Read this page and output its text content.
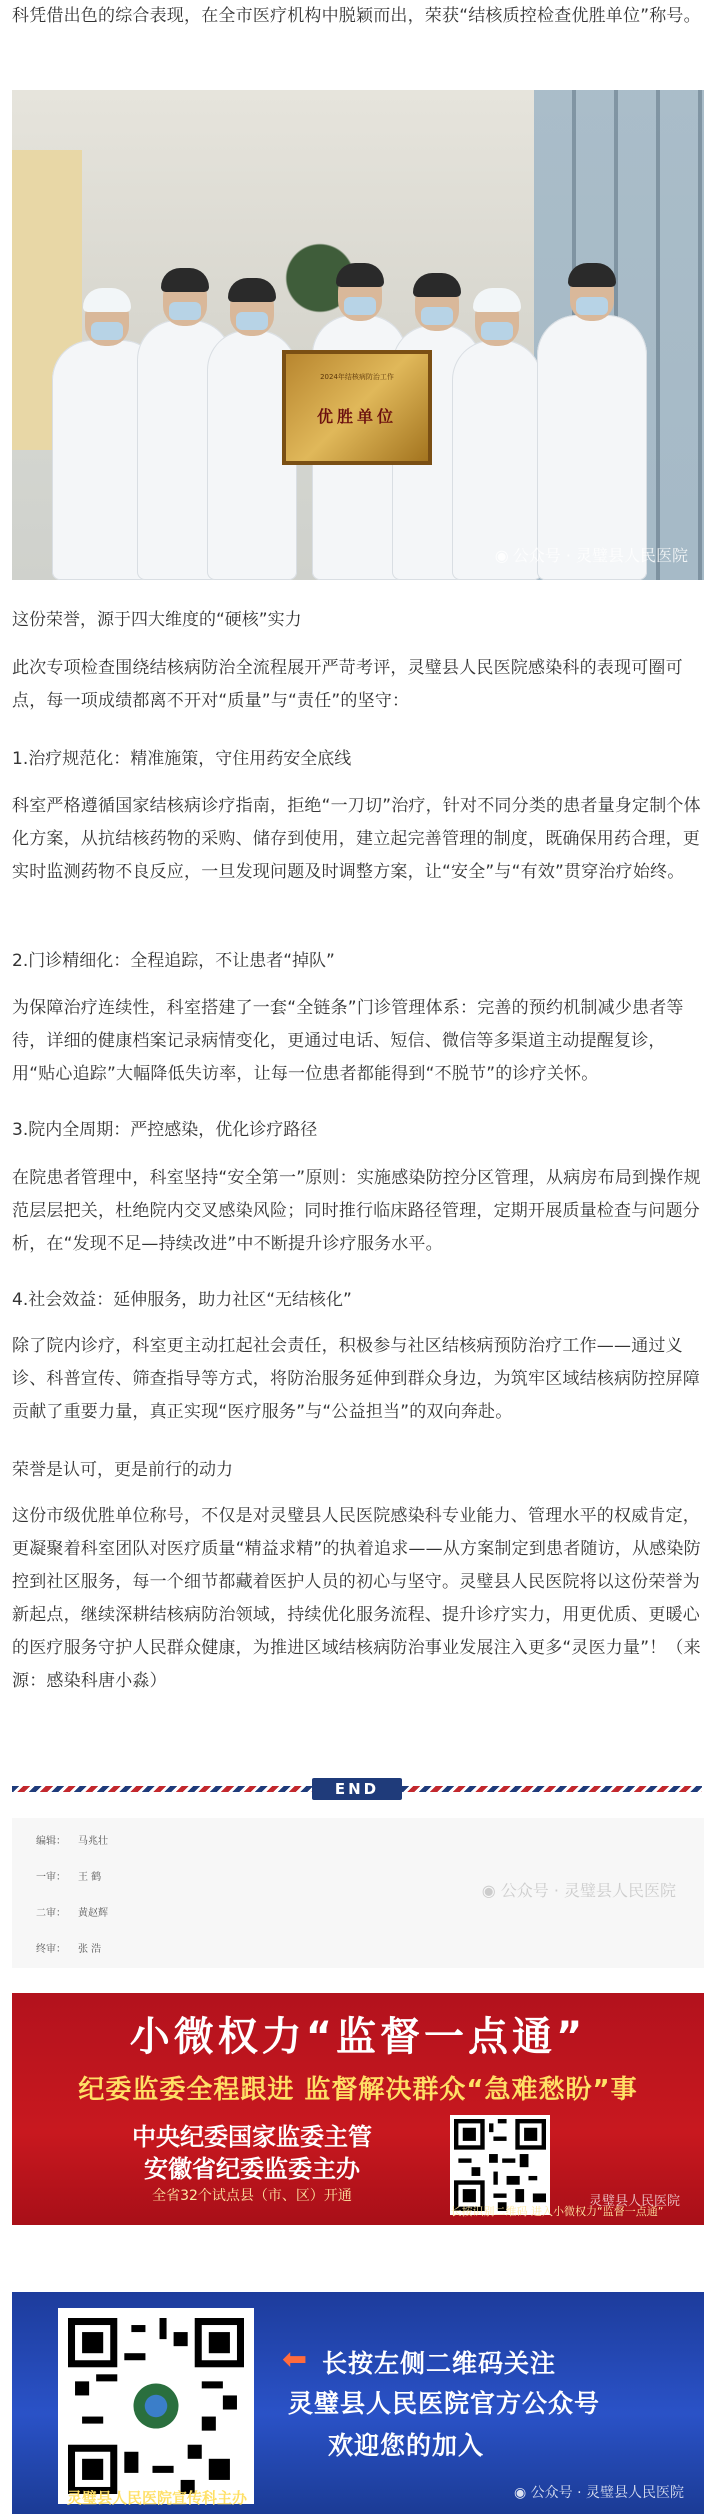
科凭借出色的综合表现，在全市医疗机构中脱颖而出，荣获“结核质控检查优胜单位”称号。

2024年结核病防治工作
优胜单位
◉ 公众号 · 灵璧县人民医院
这份荣誉，源于四大维度的“硬核”实力

此次专项检查围绕结核病防治全流程展开严苛考评，灵璧县人民医院感染科的表现可圈可点，每一项成绩都离不开对“质量”与“责任”的坚守：

1.治疗规范化：精准施策，守住用药安全底线

科室严格遵循国家结核病诊疗指南，拒绝“一刀切”治疗，针对不同分类的患者量身定制个体化方案，从抗结核药物的采购、储存到使用，建立起完善管理的制度，既确保用药合理，更实时监测药物不良反应，一旦发现问题及时调整方案，让“安全”与“有效”贯穿治疗始终。

2.门诊精细化：全程追踪，不让患者“掉队”

为保障治疗连续性，科室搭建了一套“全链条”门诊管理体系：完善的预约机制减少患者等待，详细的健康档案记录病情变化，更通过电话、短信、微信等多渠道主动提醒复诊，用“贴心追踪”大幅降低失访率，让每一位患者都能得到“不脱节”的诊疗关怀。

3.院内全周期：严控感染，优化诊疗路径

在院患者管理中，科室坚持“安全第一”原则：实施感染防控分区管理，从病房布局到操作规范层层把关，杜绝院内交叉感染风险；同时推行临床路径管理，定期开展质量检查与问题分析，在“发现不足—持续改进”中不断提升诊疗服务水平。

4.社会效益：延伸服务，助力社区“无结核化”

除了院内诊疗，科室更主动扛起社会责任，积极参与社区结核病预防治疗工作——通过义诊、科普宣传、筛查指导等方式，将防治服务延伸到群众身边，为筑牢区域结核病防控屏障贡献了重要力量，真正实现“医疗服务”与“公益担当”的双向奔赴。

荣誉是认可，更是前行的动力

这份市级优胜单位称号，不仅是对灵璧县人民医院感染科专业能力、管理水平的权威肯定，更凝聚着科室团队对医疗质量“精益求精”的执着追求——从方案制定到患者随访，从感染防控到社区服务，每一个细节都藏着医护人员的初心与坚守。灵璧县人民医院将以这份荣誉为新起点，继续深耕结核病防治领域，持续优化服务流程、提升诊疗实力，用更优质、更暖心的医疗服务守护人民群众健康，为推进区域结核病防治事业发展注入更多“灵医力量”！（来源：感染科唐小淼）

END
编辑： 马兆壮
一审： 王 鹤
二审： 黄赵辉
终审： 张 浩
◉ 公众号 · 灵璧县人民医院
小微权力“监督一点通”
纪委监委全程跟进 监督解决群众“急难愁盼”事
中央纪委国家监委主管
安徽省纪委监委主办
全省32个试点县（市、区）开通
长按识别二维码 进入小微权力“监督一点通”
灵璧县人民医院
灵璧县人民医院宣传科主办
⬅ 长按左侧二维码关注
灵璧县人民医院官方公众号
欢迎您的加入
◉ 公众号 · 灵璧县人民医院
